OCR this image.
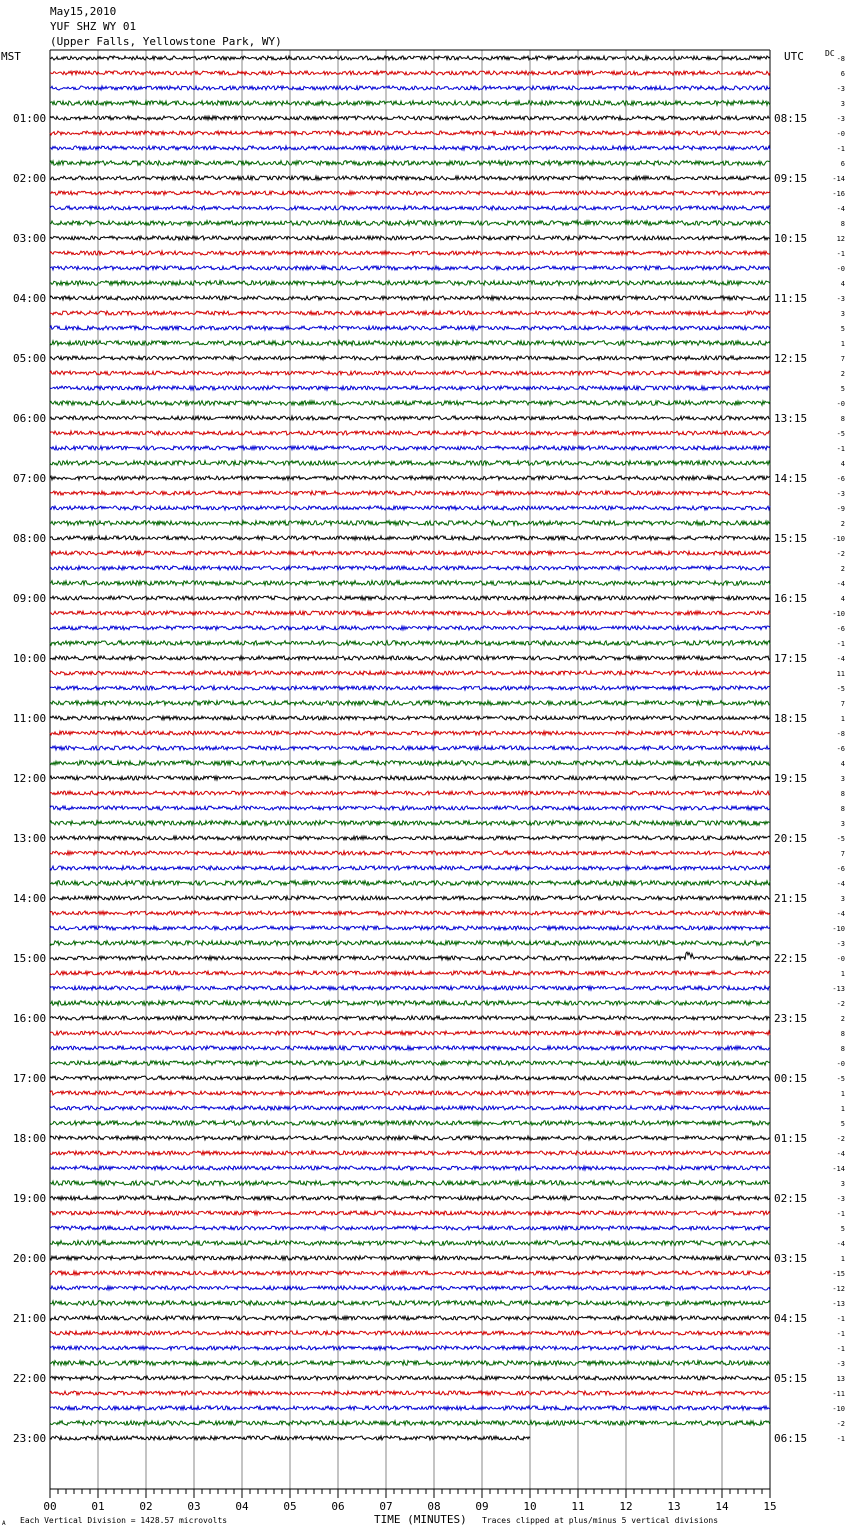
May15,2010
YUF SHZ WY 01
(Upper Falls, Yellowstone Park, WY)
MST	UTC	DC
01:00
02:00
03:00
04:00
05:00
06:00
07:00
08:00
09:00
10:00
11:00
12:00
13:00
14:00
15:00
16:00
17:00
18:00
19:00
20:00
21:00
22:00
23:00
08:15
09:15
10:15
11:15
12:15
13:15
14:15
15:15
16:15
17:15
18:15
19:15
20:15
21:15
22:15
23:15
00:15
01:15
02:15
03:15
04:15
05:15
06:15
-8
6
-3
3
-3
-0
-1
6
-14
-16
-4
8
12
-1
-0
4
-3
3
5
1
7
2
5
-0
8
-5
-1
4
-6
-3
-9
2
-10
-2
2
-4
4
-10
-6
-1
-4
11
-5
7
1
-8
-6
4
3
8
8
3
-5
7
-6
-4
3
-4
-10
-3
-0
1
-13
-2
2
8
8
-0
-5
1
1
5
-2
-4
-14
3
-3
-1
5
-4
1
-15
-12
-13
-1
-1
-1
-3
13
-11
-10
-2
-1
00	01	02	03	04	05	06	07	08	09	10	11	12	13	14	15
A Each Vertical Division = 1428.57 microvolts	TIME (MINUTES) Traces clipped at plus/minus 5 vertical divisions
